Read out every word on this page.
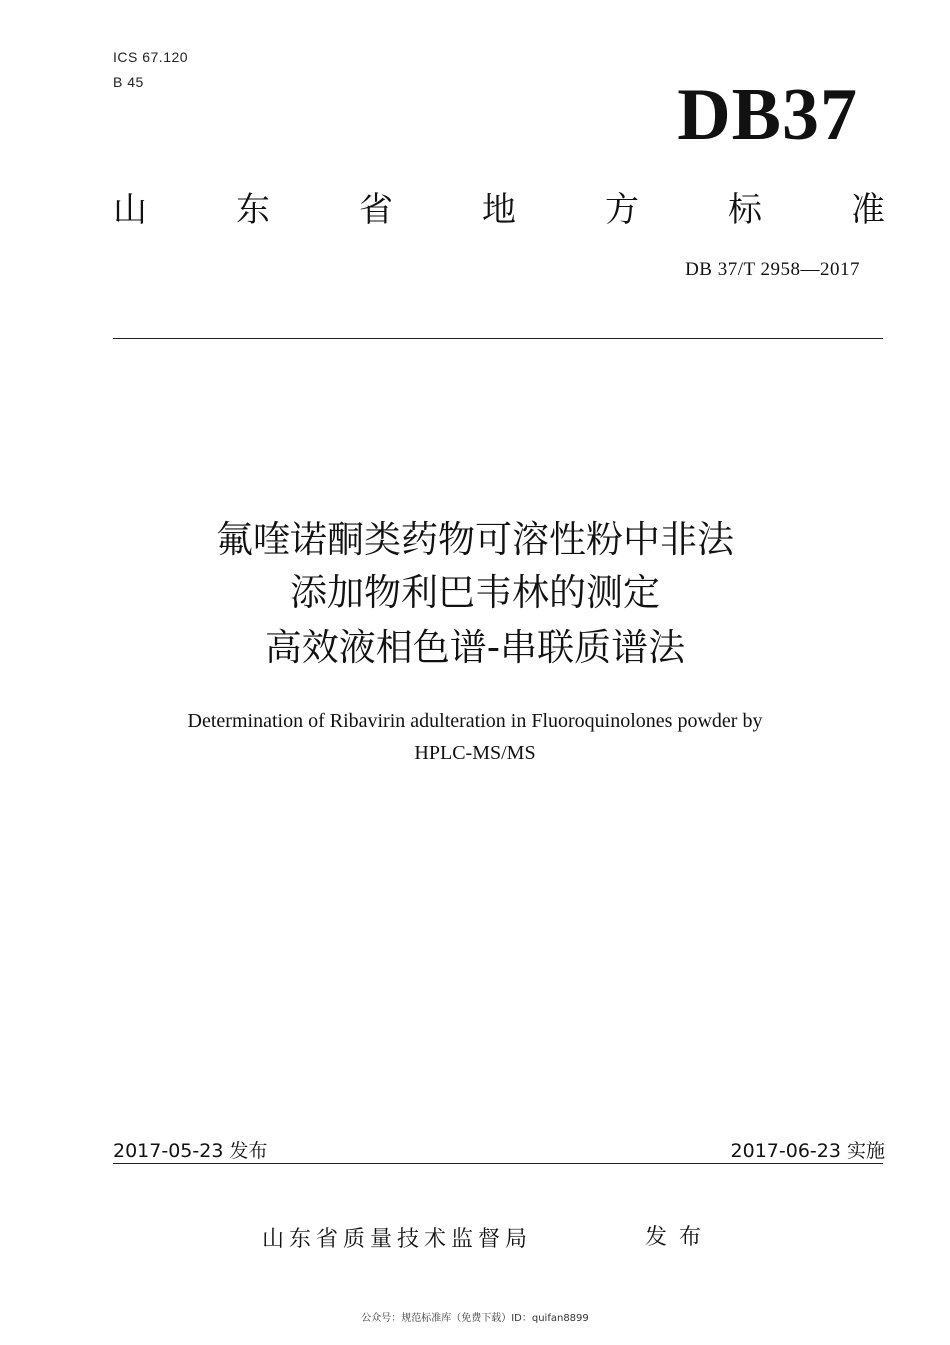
ICS 67.120
B 45	DB37
山	东	省	地	方	标	准
DB 37/T 2958—2017
氟喹诺酮类药物可溶性粉中非法
添加物利巴韦林的测定
高效液相色谱-串联质谱法
Determination of Ribavirin adulteration in Fluoroquinolones powder by
HPLC-MS/MS
2017-05-23 发布	2017-06-23 实施
山东省质量技术监督局	发布
公众号：规范标准库（免费下载）ID：quifan8899
